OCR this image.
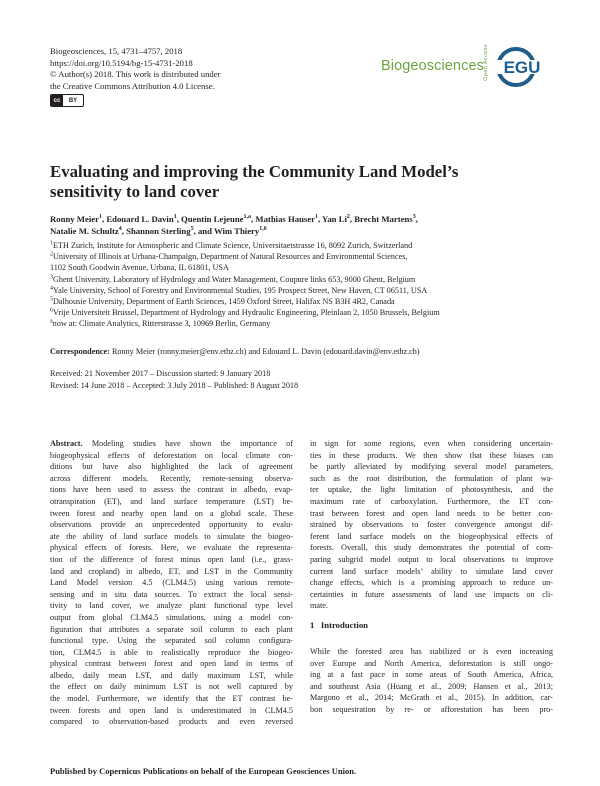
Biogeosciences, 15, 4731–4757, 2018
https://doi.org/10.5194/bg-15-4731-2018
© Author(s) 2018. This work is distributed under
the Creative Commons Attribution 4.0 License.
cc	BY
Biogeosciences Open Access EGU
Evaluating and improving the Community Land Model’s sensitivity to land cover
Ronny Meier$^1$, Edouard L. Davin$^1$, Quentin Lejeune$^{1,a}$, Mathias Hauser$^1$, Yan Li$^2$, Brecht Martens$^3$,
Natalie M. Schultz$^4$, Shannon Sterling$^5$, and Wim Thiery$^{1,6}$
$^1$ETH Zurich, Institute for Atmospheric and Climate Science, Universitaetstrasse 16, 8092 Zurich, Switzerland
$^2$University of Illinois at Urbana-Champaign, Department of Natural Resources and Environmental Sciences,
1102 South Goodwin Avenue, Urbana, IL 61801, USA
$^3$Ghent University, Laboratory of Hydrology and Water Management, Coupure links 653, 9000 Ghent, Belgium
$^4$Yale University, School of Forestry and Environmental Studies, 195 Prospect Street, New Haven, CT 06511, USA
$^5$Dalhousie University, Department of Earth Sciences, 1459 Oxford Street, Halifax NS B3H 4R2, Canada
$^6$Vrije Universiteit Brussel, Department of Hydrology and Hydraulic Engineering, Pleinlaan 2, 1050 Brussels, Belgium
$^a$now at: Climate Analytics, Ritterstrasse 3, 10969 Berlin, Germany
Correspondence: Ronny Meier (ronny.meier@env.ethz.ch) and Edouard L. Davin (edouard.davin@env.ethz.ch)
Received: 21 November 2017 – Discussion started: 9 January 2018
Revised: 14 June 2018 – Accepted: 3 July 2018 – Published: 8 August 2018
Abstract. Modeling studies have shown the importance of
biogeophysical effects of deforestation on local climate con-
ditions but have also highlighted the lack of agreement
across different models. Recently, remote-sensing observa-
tions have been used to assess the contrast in albedo, evap-
otranspiration (ET), and land surface temperature (LST) be-
tween forest and nearby open land on a global scale. These
observations provide an unprecedented opportunity to evalu-
ate the ability of land surface models to simulate the biogeo-
physical effects of forests. Here, we evaluate the representa-
tion of the difference of forest minus open land (i.e., grass-
land and cropland) in albedo, ET, and LST in the Community
Land Model version 4.5 (CLM4.5) using various remote-
sensing and in situ data sources. To extract the local sensi-
tivity to land cover, we analyze plant functional type level
output from global CLM4.5 simulations, using a model con-
figuration that attributes a separate soil column to each plant
functional type. Using the separated soil column configura-
tion, CLM4.5 is able to realistically reproduce the biogeo-
physical contrast between forest and open land in terms of
albedo, daily mean LST, and daily maximum LST, while
the effect on daily minimum LST is not well captured by
the model. Furthermore, we identify that the ET contrast be-
tween forests and open land is underestimated in CLM4.5
compared to observation-based products and even reversed
in sign for some regions, even when considering uncertain-
ties in these products. We then show that these biases can
be partly alleviated by modifying several model parameters,
such as the root distribution, the formulation of plant wa-
ter uptake, the light limitation of photosynthesis, and the
maximum rate of carboxylation. Furthermore, the ET con-
trast between forest and open land needs to be better con-
strained by observations to foster convergence amongst dif-
ferent land surface models on the biogeophysical effects of
forests. Overall, this study demonstrates the potential of com-
paring subgrid model output to local observations to improve
current land surface models’ ability to simulate land cover
change effects, which is a promising approach to reduce un-
certainties in future assessments of land use impacts on cli-
mate.
1   Introduction
While the forested area has stabilized or is even increasing
over Europe and North America, deforestation is still ongo-
ing at a fast pace in some areas of South America, Africa,
and southeast Asia (Huang et al., 2009; Hansen et al., 2013;
Margono et al., 2014; McGrath et al., 2015). In addition, car-
bon sequestration by re- or afforestation has been pro-
Published by Copernicus Publications on behalf of the European Geosciences Union.
